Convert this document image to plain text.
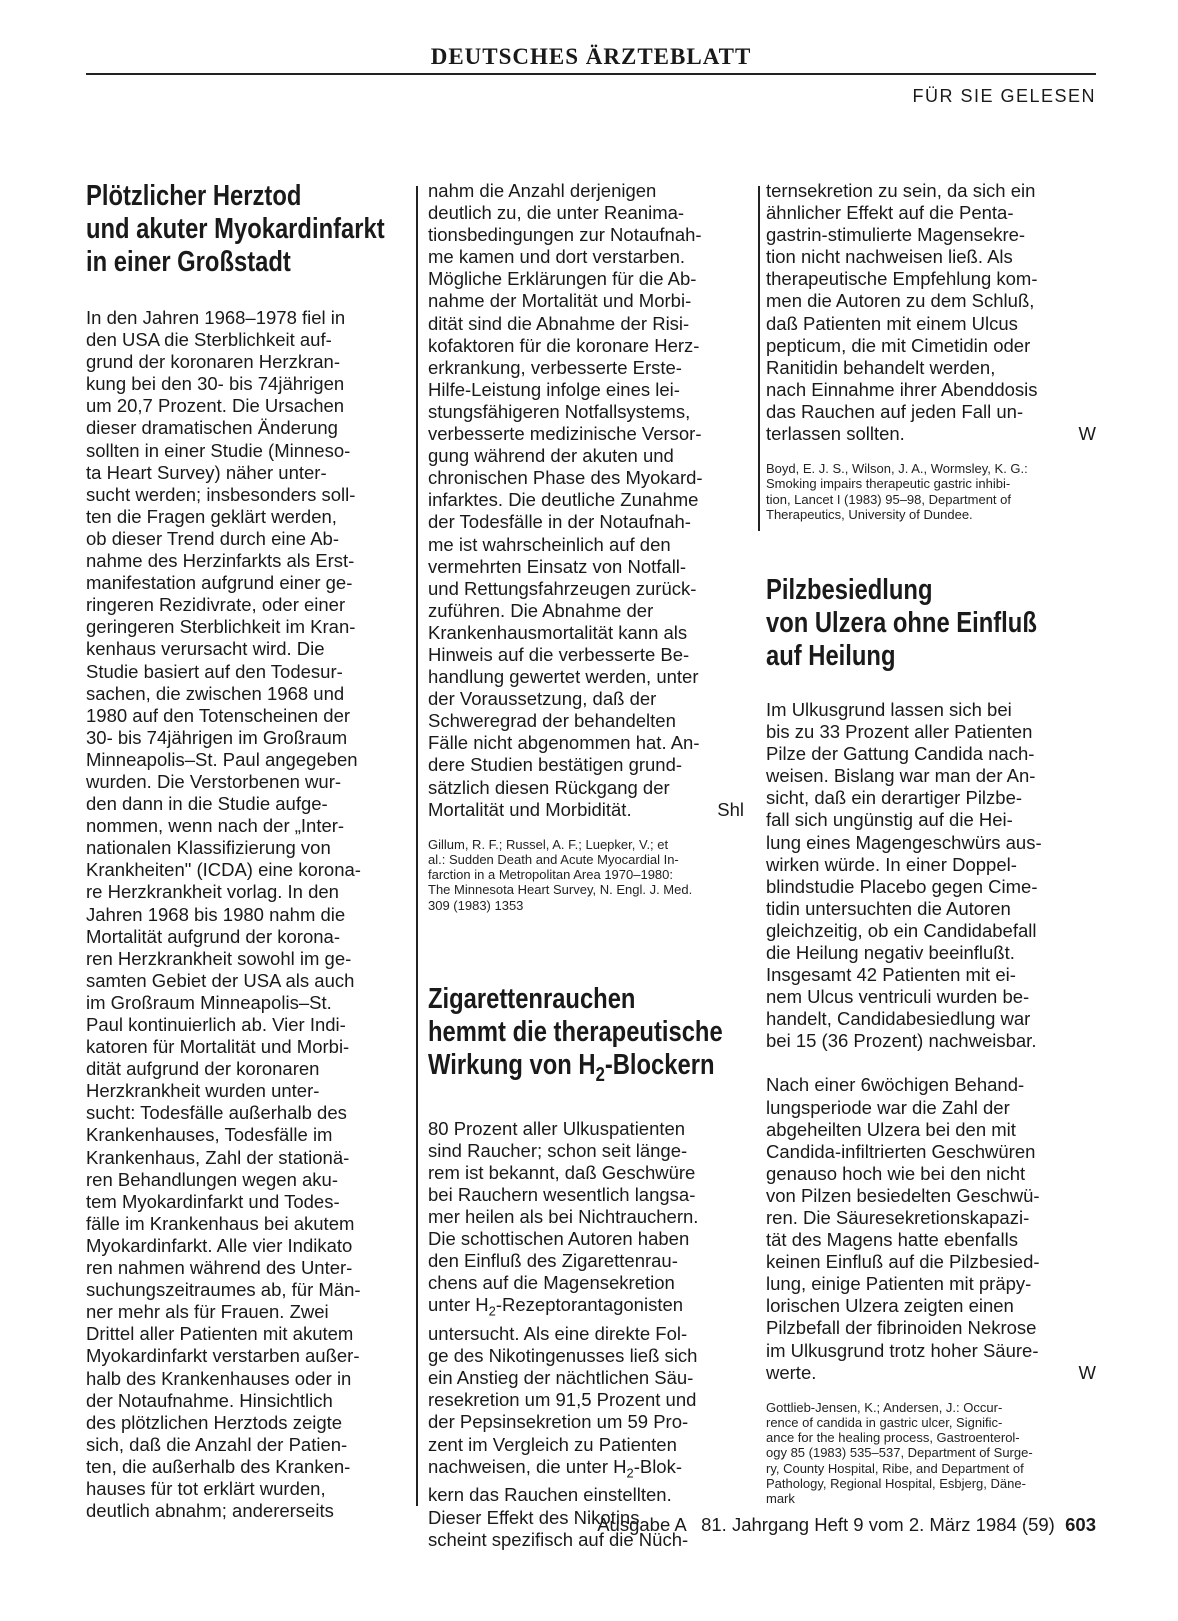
DEUTSCHES ÄRZTEBLATT
FÜR SIE GELESEN
Plötzlicher Herztod
und akuter Myokardinfarkt
in einer Großstadt

In den Jahren 1968–1978 fiel in
den USA die Sterblichkeit auf-
grund der koronaren Herzkran-
kung bei den 30- bis 74jährigen
um 20,7 Prozent. Die Ursachen
dieser dramatischen Änderung
sollten in einer Studie (Minneso-
ta Heart Survey) näher unter-
sucht werden; insbesonders soll-
ten die Fragen geklärt werden,
ob dieser Trend durch eine Ab-
nahme des Herzinfarkts als Erst-
manifestation aufgrund einer ge-
ringeren Rezidivrate, oder einer
geringeren Sterblichkeit im Kran-
kenhaus verursacht wird. Die
Studie basiert auf den Todesur-
sachen, die zwischen 1968 und
1980 auf den Totenscheinen der
30- bis 74jährigen im Großraum
Minneapolis–St. Paul angegeben
wurden. Die Verstorbenen wur-
den dann in die Studie aufge-
nommen, wenn nach der „Inter-
nationalen Klassifizierung von
Krankheiten" (ICDA) eine korona-
re Herzkrankheit vorlag. In den
Jahren 1968 bis 1980 nahm die
Mortalität aufgrund der korona-
ren Herzkrankheit sowohl im ge-
samten Gebiet der USA als auch
im Großraum Minneapolis–St.
Paul kontinuierlich ab. Vier Indi-
katoren für Mortalität und Morbi-
dität aufgrund der koronaren
Herzkrankheit wurden unter-
sucht: Todesfälle außerhalb des
Krankenhauses, Todesfälle im
Krankenhaus, Zahl der stationä-
ren Behandlungen wegen aku-
tem Myokardinfarkt und Todes-
fälle im Krankenhaus bei akutem
Myokardinfarkt. Alle vier Indikato
ren nahmen während des Unter-
suchungszeitraumes ab, für Män-
ner mehr als für Frauen. Zwei
Drittel aller Patienten mit akutem
Myokardinfarkt verstarben außer-
halb des Krankenhauses oder in
der Notaufnahme. Hinsichtlich
des plötzlichen Herztods zeigte
sich, daß die Anzahl der Patien-
ten, die außerhalb des Kranken-
hauses für tot erklärt wurden,
deutlich abnahm; andererseits

nahm die Anzahl derjenigen
deutlich zu, die unter Reanima-
tionsbedingungen zur Notaufnah-
me kamen und dort verstarben.
Mögliche Erklärungen für die Ab-
nahme der Mortalität und Morbi-
dität sind die Abnahme der Risi-
kofaktoren für die koronare Herz-
erkrankung, verbesserte Erste-
Hilfe-Leistung infolge eines lei-
stungsfähigeren Notfallsystems,
verbesserte medizinische Versor-
gung während der akuten und
chronischen Phase des Myokard-
infarktes. Die deutliche Zunahme
der Todesfälle in der Notaufnah-
me ist wahrscheinlich auf den
vermehrten Einsatz von Notfall-
und Rettungsfahrzeugen zurück-
zuführen. Die Abnahme der
Krankenhausmortalität kann als
Hinweis auf die verbesserte Be-
handlung gewertet werden, unter
der Voraussetzung, daß der
Schweregrad der behandelten
Fälle nicht abgenommen hat. An-
dere Studien bestätigen grund-
sätzlich diesen Rückgang der
Mortalität und Morbidität.	Shl

Gillum, R. F.; Russel, A. F.; Luepker, V.; et
al.: Sudden Death and Acute Myocardial In-
farction in a Metropolitan Area 1970–1980:
The Minnesota Heart Survey, N. Engl. J. Med.
309 (1983) 1353

Zigarettenrauchen
hemmt die therapeutische
Wirkung von $H_2$-Blockern

80 Prozent aller Ulkuspatienten
sind Raucher; schon seit länge-
rem ist bekannt, daß Geschwüre
bei Rauchern wesentlich langsa-
mer heilen als bei Nichtrauchern.
Die schottischen Autoren haben
den Einfluß des Zigarettenrau-
chens auf die Magensekretion
unter $H_2$-Rezeptorantagonisten
untersucht. Als eine direkte Fol-
ge des Nikotingenusses ließ sich
ein Anstieg der nächtlichen Säu-
resekretion um 91,5 Prozent und
der Pepsinsekretion um 59 Pro-
zent im Vergleich zu Patienten
nachweisen, die unter $H_2-Blok-$
kern das Rauchen einstellten.
Dieser Effekt des Nikotins
scheint spezifisch auf die Nüch-

ternsekretion zu sein, da sich ein
ähnlicher Effekt auf die Penta-
gastrin-stimulierte Magensekre-
tion nicht nachweisen ließ. Als
therapeutische Empfehlung kom-
men die Autoren zu dem Schluß,
daß Patienten mit einem Ulcus
pepticum, die mit Cimetidin oder
Ranitidin behandelt werden,
nach Einnahme ihrer Abenddosis
das Rauchen auf jeden Fall un-
terlassen sollten.	W

Boyd, E. J. S., Wilson, J. A., Wormsley, K. G.:
Smoking impairs therapeutic gastric inhibi-
tion, Lancet I (1983) 95–98, Department of
Therapeutics, University of Dundee.

Pilzbesiedlung
von Ulzera ohne Einfluß
auf Heilung

Im Ulkusgrund lassen sich bei
bis zu 33 Prozent aller Patienten
Pilze der Gattung Candida nach-
weisen. Bislang war man der An-
sicht, daß ein derartiger Pilzbe-
fall sich ungünstig auf die Hei-
lung eines Magengeschwürs aus-
wirken würde. In einer Doppel-
blindstudie Placebo gegen Cime-
tidin untersuchten die Autoren
gleichzeitig, ob ein Candidabefall
die Heilung negativ beeinflußt.
Insgesamt 42 Patienten mit ei-
nem Ulcus ventriculi wurden be-
handelt, Candidabesiedlung war
bei 15 (36 Prozent) nachweisbar.

Nach einer 6wöchigen Behand-
lungsperiode war die Zahl der
abgeheilten Ulzera bei den mit
Candida-infiltrierten Geschwüren
genauso hoch wie bei den nicht
von Pilzen besiedelten Geschwü-
ren. Die Säuresekretionskapazi-
tät des Magens hatte ebenfalls
keinen Einfluß auf die Pilzbesied-
lung, einige Patienten mit präpy-
lorischen Ulzera zeigten einen
Pilzbefall der fibrinoiden Nekrose
im Ulkusgrund trotz hoher Säure-
werte.	W

Gottlieb-Jensen, K.; Andersen, J.: Occur-
rence of candida in gastric ulcer, Signific-
ance for the healing process, Gastroenterol-
ogy 85 (1983) 535–537, Department of Surge-
ry, County Hospital, Ribe, and Department of
Pathology, Regional Hospital, Esbjerg, Däne-
mark

Ausgabe A   81. Jahrgang Heft 9 vom 2. März 1984 (59) 603
